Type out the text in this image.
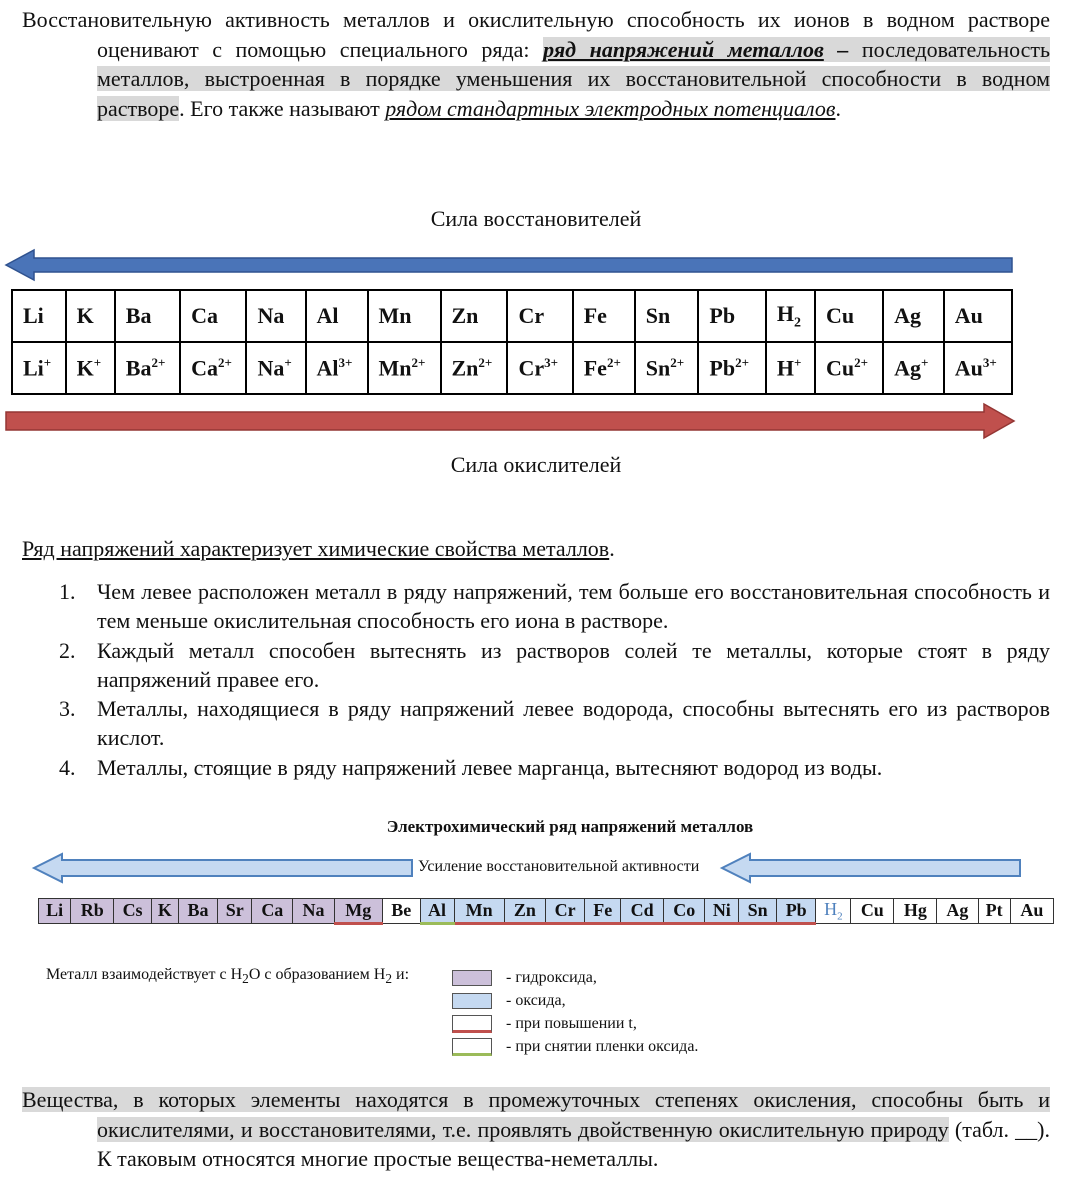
Восстановительную активность металлов и окислительную способность их ионов в водном растворе оценивают с помощью специального ряда: ряд напряжений металлов – последовательность металлов, выстроенная в порядке уменьшения их восстановительной способности в водном растворе. Его также называют рядом стандартных электродных потенциалов.
Сила восстановителей
Li	K	Ba	Ca	Na	Al	Mn	Zn	Cr	Fe	Sn	Pb	$H_2$	Cu	Ag	Au
Li+	K+	$Ba^{2+}$	$Ca^{2+}$	Na+	$Al^{3+}$	$Mn^{2+}$	$Zn^{2+}$	$Cr^{3+}$	$Fe^{2+}$	$Sn^{2+}$	$Pb^{2+}$	H+	$Cu^{2+}$	Ag+	$Au^{3+}$
Сила окислителей
Ряд напряжений характеризует химические свойства металлов.
1. Чем левее расположен металл в ряду напряжений, тем больше его восстановительная способность и тем меньше окислительная способность его иона в растворе.
2. Каждый металл способен вытеснять из растворов солей те металлы, которые стоят в ряду напряжений правее его.
3. Металлы, находящиеся в ряду напряжений левее водорода, способны вытеснять его из растворов кислот.
4. Металлы, стоящие в ряду напряжений левее марганца, вытесняют водород из воды.
Электрохимический ряд напряжений металлов
Усиление восстановительной активности
Li	Rb	Cs	K	Ba	Sr	Ca	Na	Mg	Be	Al	Mn	Zn	Cr	Fe	Cd	Co	Ni	Sn	Pb	$H_2$	Cu	Hg	Ag	Pt	Au
Металл взаимодействует с $H_2O$ с образованием $H_2$ и:	- гидроксида,
- оксида,
- при повышении t,
- при снятии пленки оксида.
Вещества, в которых элементы находятся в промежуточных степенях окисления, способны быть и окислителями, и восстановителями, т.е. проявлять двойственную окислительную природу (табл. __). К таковым относятся многие простые вещества-неметаллы.
